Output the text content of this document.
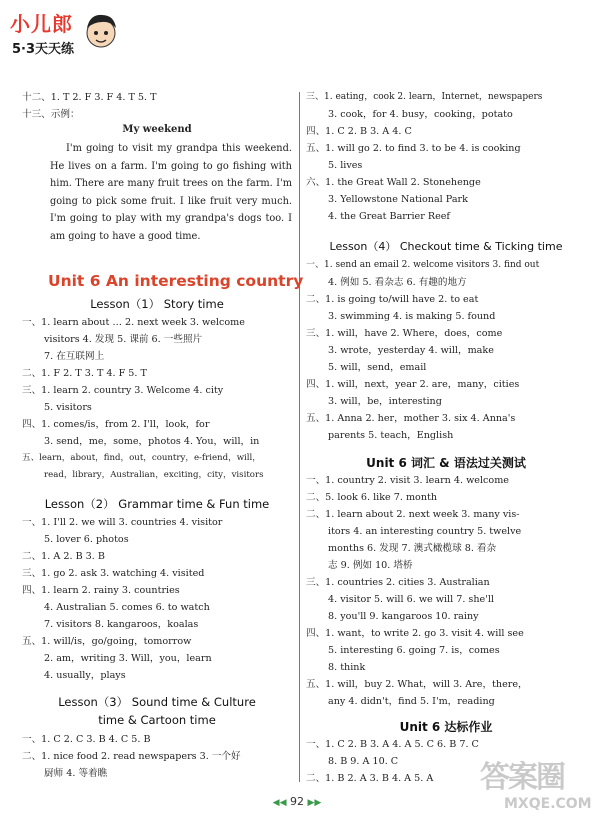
小儿郎
5·3天天练
十二、1. T 2. F 3. F 4. T 5. T
十三、示例：
My weekend
I'm going to visit my grandpa this weekend. He lives on a farm. I'm going to go fishing with him. There are many fruit trees on the farm. I'm going to pick some fruit. I like fruit very much. I'm going to play with my grandpa's dogs too. I am going to have a good time.
Unit 6 An interesting country
Lesson（1） Story time
一、1. learn about … 2. next week 3. welcome
visitors 4. 发现 5. 课前 6. 一些照片
7. 在互联网上
二、1. F 2. T 3. T 4. F 5. T
三、1. learn 2. country 3. Welcome 4. city
5. visitors
四、1. comes/is，from 2. I'll，look，for
3. send，me，some，photos 4. You，will，in
五、learn，about，find，out，country，e-friend，will，
read，library，Australian，exciting，city，visitors
Lesson（2） Grammar time & Fun time
一、1. I'll 2. we will 3. countries 4. visitor
5. lover 6. photos
二、1. A 2. B 3. B
三、1. go 2. ask 3. watching 4. visited
四、1. learn 2. rainy 3. countries
4. Australian 5. comes 6. to watch
7. visitors 8. kangaroos，koalas
五、1. will/is，go/going，tomorrow
2. am，writing 3. Will，you，learn
4. usually，plays
Lesson（3） Sound time & Culture
time & Cartoon time
一、1. C 2. C 3. B 4. C 5. B
二、1. nice food 2. read newspapers 3. 一个好
厨师 4. 等着瞧
三、1. eating，cook 2. learn，Internet，newspapers
3. cook，for 4. busy，cooking，potato
四、1. C 2. B 3. A 4. C
五、1. will go 2. to find 3. to be 4. is cooking
5. lives
六、1. the Great Wall 2. Stonehenge
3. Yellowstone National Park
4. the Great Barrier Reef
Lesson（4） Checkout time & Ticking time
一、1. send an email 2. welcome visitors 3. find out
4. 例如 5. 看杂志 6. 有趣的地方
二、1. is going to/will have 2. to eat
3. swimming 4. is making 5. found
三、1. will，have 2. Where，does，come
3. wrote，yesterday 4. will，make
5. will，send，email
四、1. will，next，year 2. are，many，cities
3. will，be，interesting
五、1. Anna 2. her，mother 3. six 4. Anna's
parents 5. teach，English
Unit 6 词汇 & 语法过关测试
一、1. country 2. visit 3. learn 4. welcome
二、5. look 6. like 7. month
二、1. learn about 2. next week 3. many vis-
itors 4. an interesting country 5. twelve
months 6. 发现 7. 澳式橄榄球 8. 看杂
志 9. 例如 10. 塔桥
三、1. countries 2. cities 3. Australian
4. visitor 5. will 6. we will 7. she'll
8. you'll 9. kangaroos 10. rainy
四、1. want，to write 2. go 3. visit 4. will see
5. interesting 6. going 7. is，comes
8. think
五、1. will，buy 2. What，will 3. Are，there，
any 4. didn't，find 5. I'm，reading
Unit 6 达标作业
一、1. C 2. B 3. A 4. A 5. C 6. B 7. C
8. B 9. A 10. C
二、1. B 2. A 3. B 4. A 5. A 答案圈
MXQE.COM
◀◀ 92 ▶▶
